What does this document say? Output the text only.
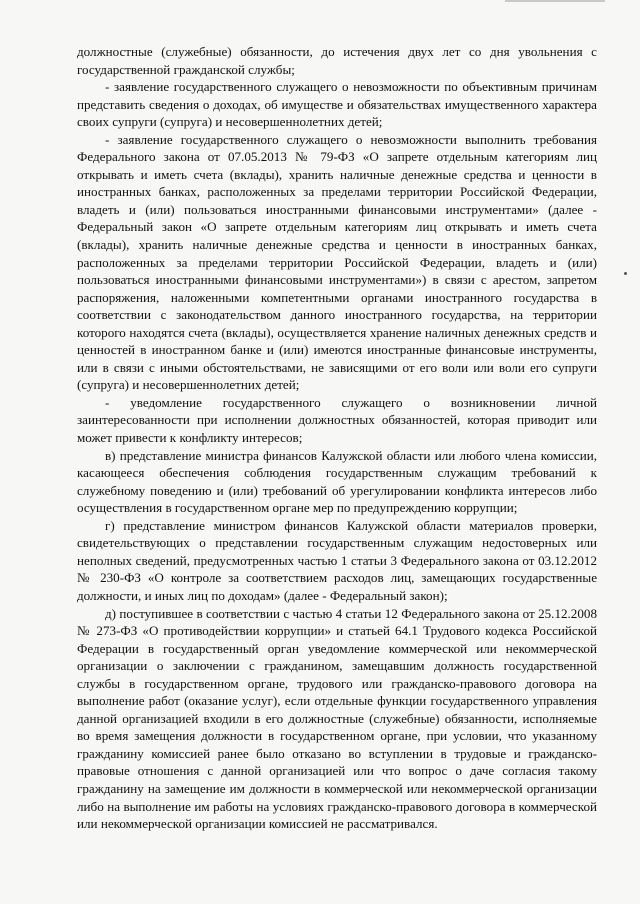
должностные (служебные) обязанности, до истечения двух лет со дня увольнения с государственной гражданской службы;

- заявление государственного служащего о невозможности по объективным причинам представить сведения о доходах, об имуществе и обязательствах имущественного характера своих супруги (супруга) и несовершеннолетних детей;

- заявление государственного служащего о невозможности выполнить требования Федерального закона от 07.05.2013 № 79-ФЗ «О запрете отдельным категориям лиц открывать и иметь счета (вклады), хранить наличные денежные средства и ценности в иностранных банках, расположенных за пределами территории Российской Федерации, владеть и (или) пользоваться иностранными финансовыми инструментами» (далее - Федеральный закон «О запрете отдельным категориям лиц открывать и иметь счета (вклады), хранить наличные денежные средства и ценности в иностранных банках, расположенных за пределами территории Российской Федерации, владеть и (или) пользоваться иностранными финансовыми инструментами») в связи с арестом, запретом распоряжения, наложенными компетентными органами иностранного государства в соответствии с законодательством данного иностранного государства, на территории которого находятся счета (вклады), осуществляется хранение наличных денежных средств и ценностей в иностранном банке и (или) имеются иностранные финансовые инструменты, или в связи с иными обстоятельствами, не зависящими от его воли или воли его супруги (супруга) и несовершеннолетних детей;

- уведомление государственного служащего о возникновении личной заинтересованности при исполнении должностных обязанностей, которая приводит или может привести к конфликту интересов;

в) представление министра финансов Калужской области или любого члена комиссии, касающееся обеспечения соблюдения государственным служащим требований к служебному поведению и (или) требований об урегулировании конфликта интересов либо осуществления в государственном органе мер по предупреждению коррупции;

г) представление министром финансов Калужской области материалов проверки, свидетельствующих о представлении государственным служащим недостоверных или неполных сведений, предусмотренных частью 1 статьи 3 Федерального закона от 03.12.2012 № 230-ФЗ «О контроле за соответствием расходов лиц, замещающих государственные должности, и иных лиц по доходам» (далее - Федеральный закон);

д) поступившее в соответствии с частью 4 статьи 12 Федерального закона от 25.12.2008 № 273-ФЗ «О противодействии коррупции» и статьей 64.1 Трудового кодекса Российской Федерации в государственный орган уведомление коммерческой или некоммерческой организации о заключении с гражданином, замещавшим должность государственной службы в государственном органе, трудового или гражданско-правового договора на выполнение работ (оказание услуг), если отдельные функции государственного управления данной организацией входили в его должностные (служебные) обязанности, исполняемые во время замещения должности в государственном органе, при условии, что указанному гражданину комиссией ранее было отказано во вступлении в трудовые и гражданско-правовые отношения с данной организацией или что вопрос о даче согласия такому гражданину на замещение им должности в коммерческой или некоммерческой организации либо на выполнение им работы на условиях гражданско-правового договора в коммерческой или некоммерческой организации комиссией не рассматривался.
